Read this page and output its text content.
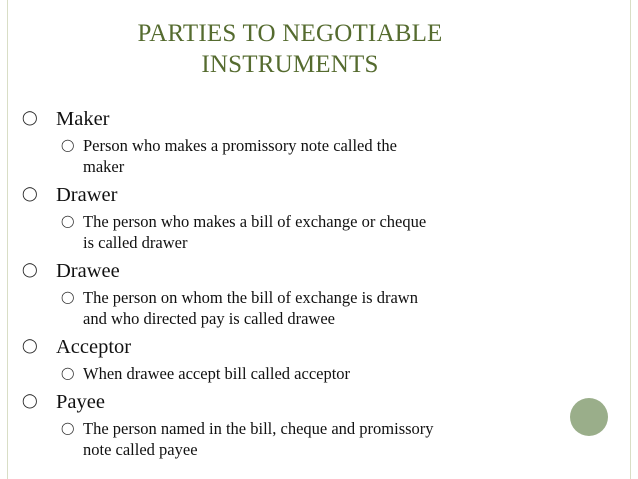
PARTIES TO NEGOTIABLE
INSTRUMENTS
◯ Maker
◯ Person who makes a promissory note called the
maker
◯ Drawer
◯ The person who makes a bill of exchange or cheque
is called drawer
◯ Drawee
◯ The person on whom the bill of exchange is drawn
and who directed pay is called drawee
◯ Acceptor
◯ When drawee accept bill called acceptor
◯ Payee
◯ The person named in the bill, cheque and promissory
note called payee
